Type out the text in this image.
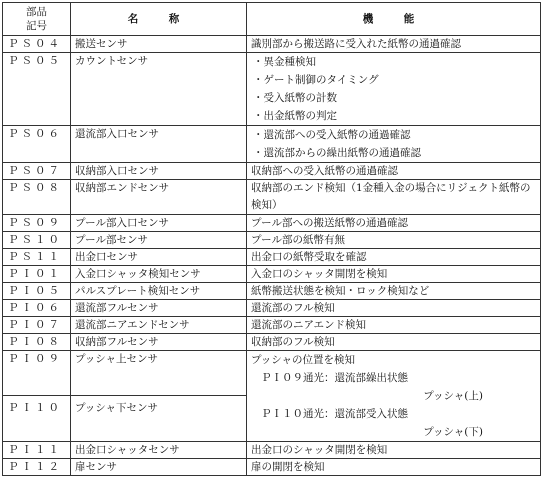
部品
記号	名　称	機　能
ＰＳ０４	搬送センサ	識別部から搬送路に受入れた紙幣の通過確認
ＰＳ０５	カウントセンサ	・異金種検知
・ゲート制御のタイミング
・受入紙幣の計数
・出金紙幣の判定

ＰＳ０６	還流部入口センサ	・還流部への受入紙幣の通過確認
・還流部からの繰出紙幣の通過確認

ＰＳ０７	収納部入口センサ	収納部への受入紙幣の通過確認
ＰＳ０８	収納部エンドセンサ	収納部のエンド検知（1金種入金の場合にリジェクト紙幣の検知）
ＰＳ０９	プール部入口センサ	プール部への搬送紙幣の通過確認
ＰＳ１０	プール部センサ	プール部の紙幣有無
ＰＳ１１	出金口センサ	出金口の紙幣受取を確認
ＰＩ０１	入金口シャッタ検知センサ	入金口のシャッタ開閉を検知
ＰＩ０５	パルスプレート検知センサ	紙幣搬送状態を検知・ロック検知など
ＰＩ０６	還流部フルセンサ	還流部のフル検知
ＰＩ０７	還流部ニアエンドセンサ	還流部のニアエンド検知
ＰＩ０８	収納部フルセンサ	収納部のフル検知
ＰＩ０９	プッシャ上センサ	プッシャの位置を検知
ＰＩ０９通光：還流部繰出状態
プッシャ(上)
ＰＩ１０通光：還流部受入状態
プッシャ(下)

ＰＩ１０	プッシャ下センサ	
ＰＩ１１	出金口シャッタセンサ	出金口のシャッタ開閉を検知
ＰＩ１２	扉センサ	扉の開閉を検知
